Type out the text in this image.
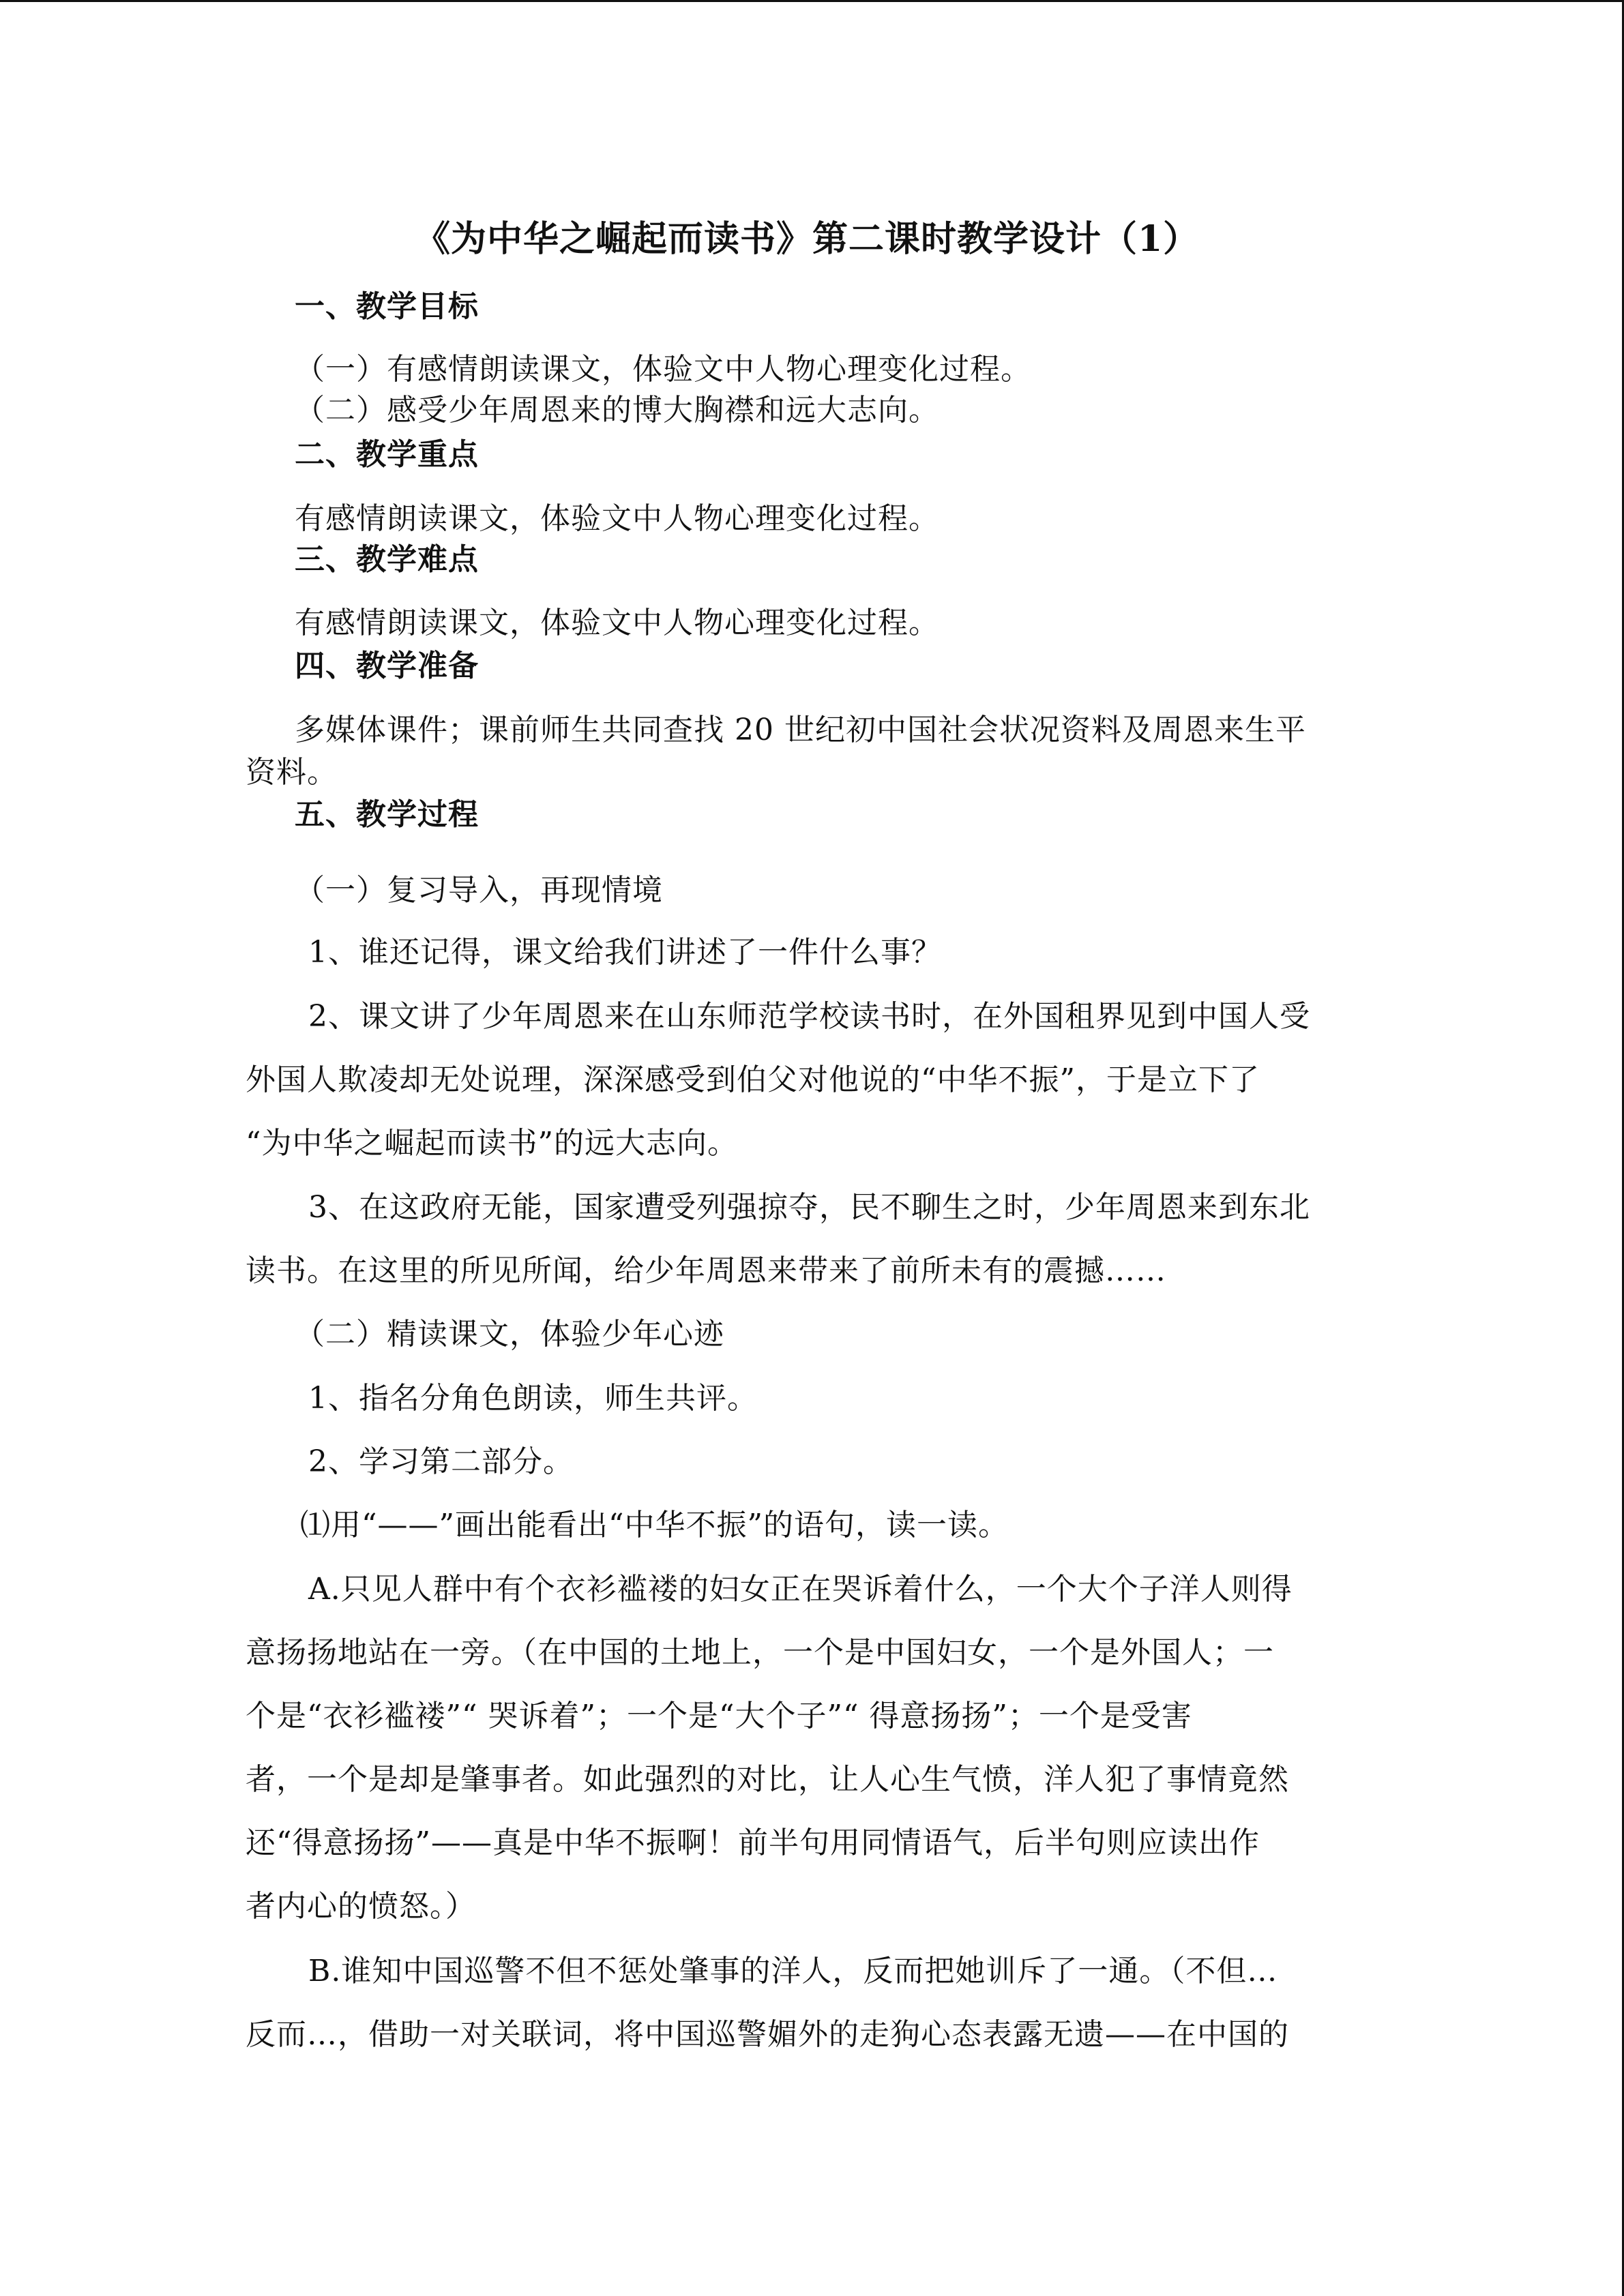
《为中华之崛起而读书》第二课时教学设计（1）
一、教学目标
（一）有感情朗读课文，体验文中人物心理变化过程。
（二）感受少年周恩来的博大胸襟和远大志向。
二、教学重点
有感情朗读课文，体验文中人物心理变化过程。
三、教学难点
有感情朗读课文，体验文中人物心理变化过程。
四、教学准备
多媒体课件；课前师生共同查找 20 世纪初中国社会状况资料及周恩来生平
资料。
五、教学过程
（一）复习导入，再现情境
1、谁还记得，课文给我们讲述了一件什么事？
2、课文讲了少年周恩来在山东师范学校读书时，在外国租界见到中国人受
外国人欺凌却无处说理，深深感受到伯父对他说的“中华不振”，于是立下了
“为中华之崛起而读书”的远大志向。
3、在这政府无能，国家遭受列强掠夺，民不聊生之时，少年周恩来到东北
读书。在这里的所见所闻，给少年周恩来带来了前所未有的震撼……
（二）精读课文，体验少年心迹
1、指名分角色朗读，师生共评。
2、学习第二部分。
⑴用“——”画出能看出“中华不振”的语句，读一读。
A.只见人群中有个衣衫褴褛的妇女正在哭诉着什么，一个大个子洋人则得
意扬扬地站在一旁。（在中国的土地上，一个是中国妇女，一个是外国人；一
个是“衣衫褴褛”“ 哭诉着”；一个是“大个子”“ 得意扬扬”；一个是受害
者，一个是却是肇事者。如此强烈的对比，让人心生气愤，洋人犯了事情竟然
还“得意扬扬”——真是中华不振啊！前半句用同情语气，后半句则应读出作
者内心的愤怒。）
B.谁知中国巡警不但不惩处肇事的洋人，反而把她训斥了一通。（不但…
反而…，借助一对关联词，将中国巡警媚外的走狗心态表露无遗——在中国的
